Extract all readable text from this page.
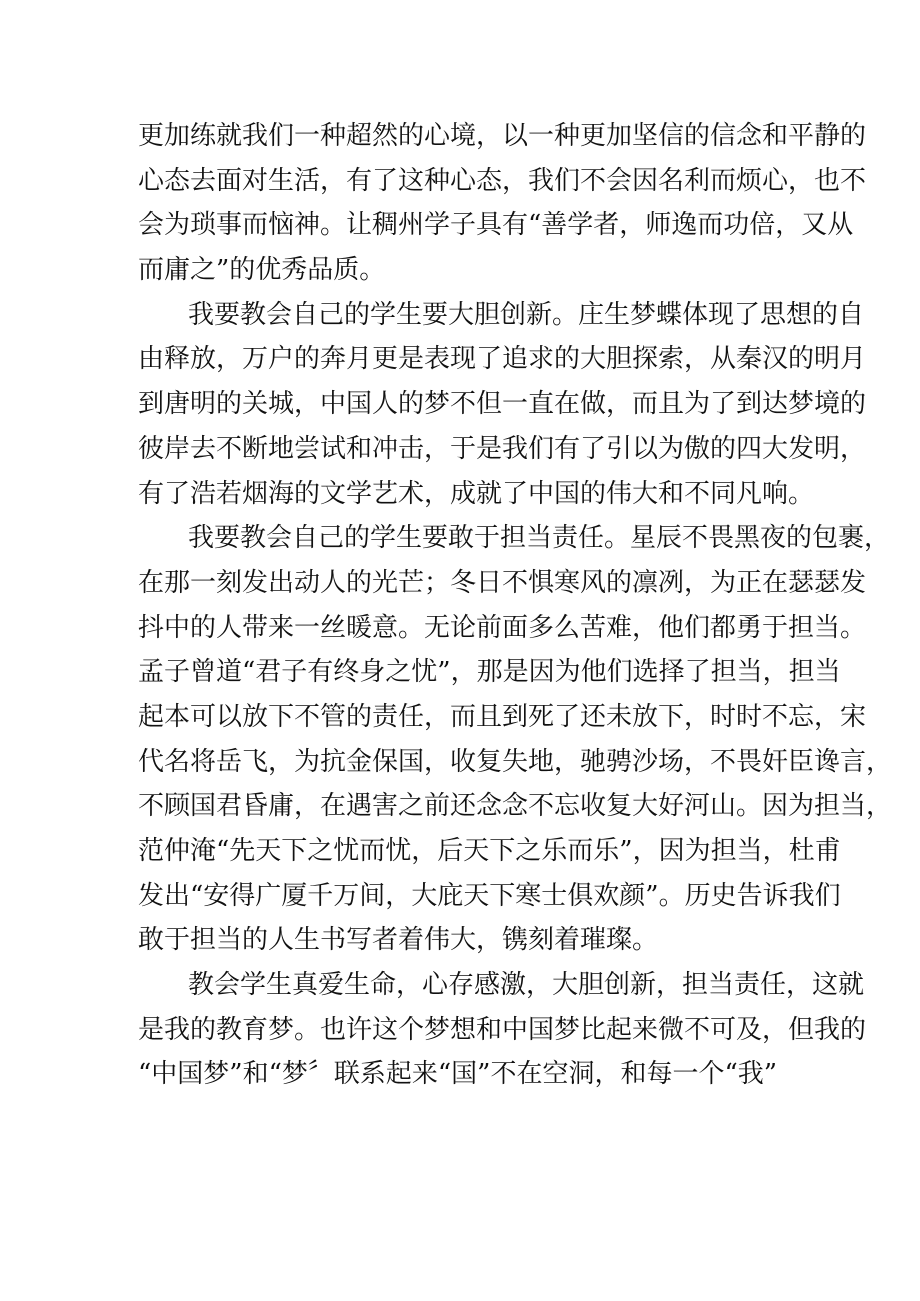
更加练就我们一种超然的心境，以一种更加坚信的信念和平静的
心态去面对生活，有了这种心态，我们不会因名利而烦心，也不
会为琐事而恼神。让稠州学子具有“善学者，师逸而功倍，又从
而庸之”的优秀品质。
我要教会自己的学生要大胆创新。庄生梦蝶体现了思想的自
由释放，万户的奔月更是表现了追求的大胆探索，从秦汉的明月
到唐明的关城，中国人的梦不但一直在做，而且为了到达梦境的
彼岸去不断地尝试和冲击，于是我们有了引以为傲的四大发明，
有了浩若烟海的文学艺术，成就了中国的伟大和不同凡响。
我要教会自己的学生要敢于担当责任。星辰不畏黑夜的包裹，
在那一刻发出动人的光芒；冬日不惧寒风的凛冽，为正在瑟瑟发
抖中的人带来一丝暖意。无论前面多么苦难，他们都勇于担当。
孟子曾道“君子有终身之忧”，那是因为他们选择了担当，担当
起本可以放下不管的责任，而且到死了还未放下，时时不忘，宋
代名将岳飞，为抗金保国，收复失地，驰骋沙场，不畏奸臣谗言，
不顾国君昏庸，在遇害之前还念念不忘收复大好河山。因为担当，
范仲淹“先天下之忧而忧，后天下之乐而乐”，因为担当，杜甫
发出“安得广厦千万间，大庇天下寒士俱欢颜”。历史告诉我们
敢于担当的人生书写者着伟大，镌刻着璀璨。
教会学生真爱生命，心存感激，大胆创新，担当责任，这就
是我的教育梦。也许这个梦想和中国梦比起来微不可及，但我的
“中国梦”和“梦〞联系起来“国”不在空洞，和每一个“我”
